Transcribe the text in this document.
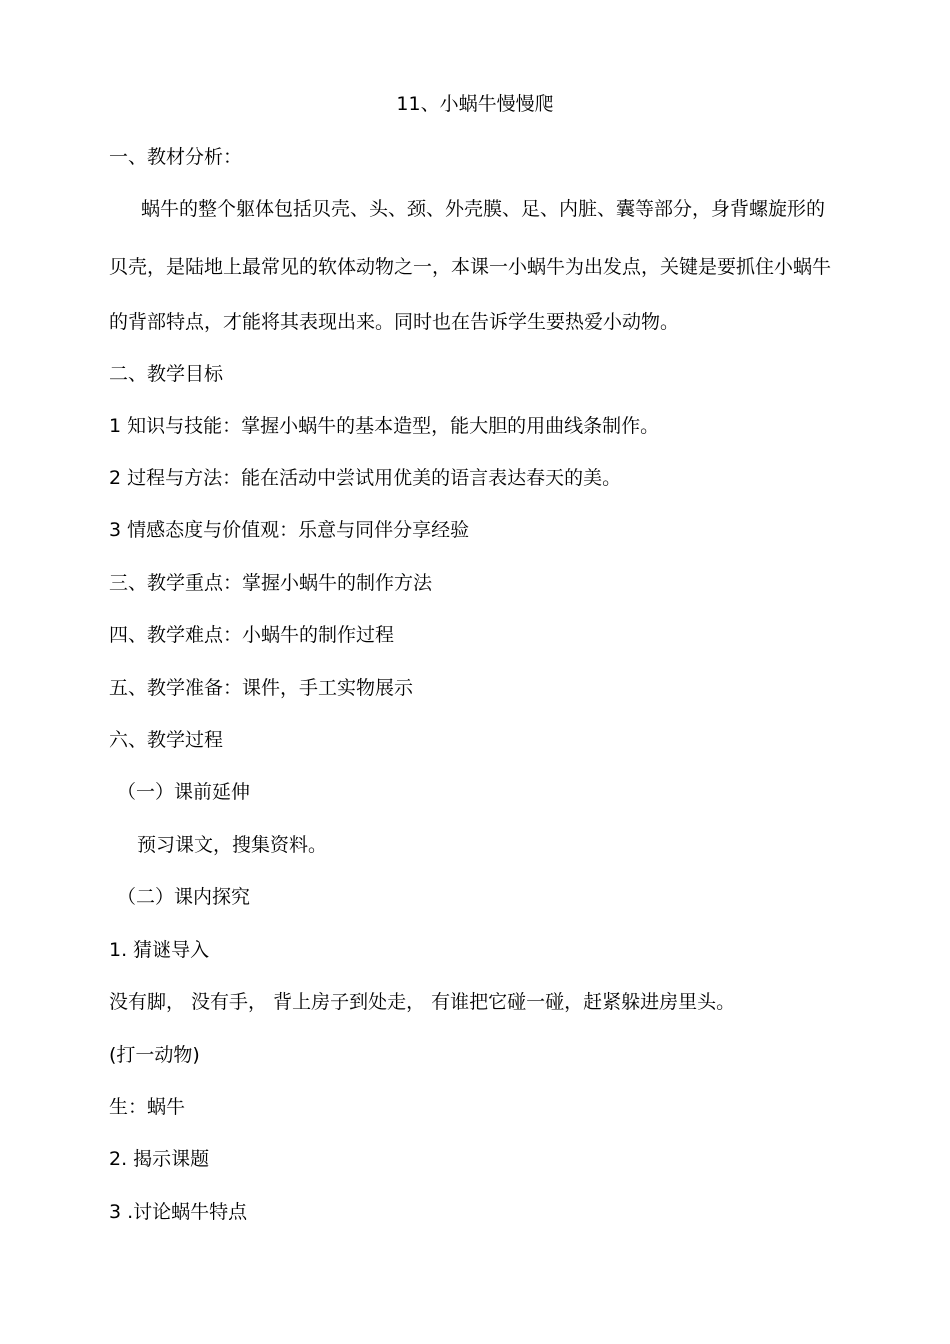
11、小蜗牛慢慢爬
一、教材分析：
蜗牛的整个躯体包括贝壳、头、颈、外壳膜、足、内脏、囊等部分，身背螺旋形的
贝壳，是陆地上最常见的软体动物之一，本课一小蜗牛为出发点，关键是要抓住小蜗牛
的背部特点，才能将其表现出来。同时也在告诉学生要热爱小动物。
二、教学目标
1 知识与技能：掌握小蜗牛的基本造型，能大胆的用曲线条制作。
2 过程与方法：能在活动中尝试用优美的语言表达春天的美。
3 情感态度与价值观：乐意与同伴分享经验
三、教学重点：掌握小蜗牛的制作方法
四、教学难点：小蜗牛的制作过程
五、教学准备：课件，手工实物展示
六、教学过程
（一）课前延伸
预习课文，搜集资料。
（二）课内探究
1. 猜谜导入
没有脚， 没有手， 背上房子到处走， 有谁把它碰一碰，赶紧躲进房里头。
(打一动物)
生：蜗牛
2. 揭示课题
3 .讨论蜗牛特点
